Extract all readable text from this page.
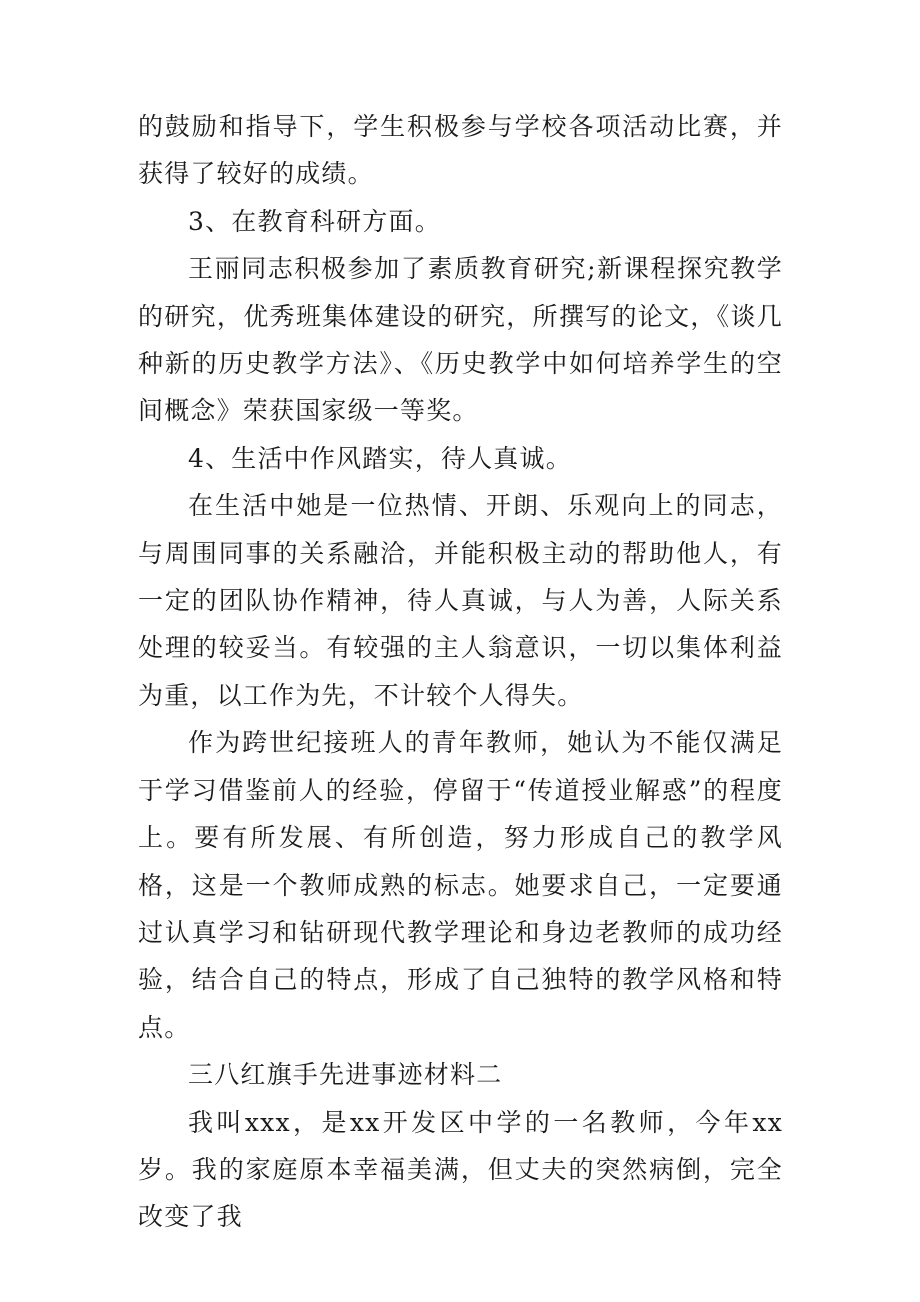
的鼓励和指导下，学生积极参与学校各项活动比赛，并获得了较好的成绩。

3、在教育科研方面。

王丽同志积极参加了素质教育研究;新课程探究教学的研究，优秀班集体建设的研究，所撰写的论文，《谈几种新的历史教学方法》、《历史教学中如何培养学生的空间概念》荣获国家级一等奖。

4、生活中作风踏实，待人真诚。

在生活中她是一位热情、开朗、乐观向上的同志，与周围同事的关系融洽，并能积极主动的帮助他人，有一定的团队协作精神，待人真诚，与人为善，人际关系处理的较妥当。有较强的主人翁意识，一切以集体利益为重，以工作为先，不计较个人得失。

作为跨世纪接班人的青年教师，她认为不能仅满足于学习借鉴前人的经验，停留于“传道授业解惑”的程度上。要有所发展、有所创造，努力形成自己的教学风格，这是一个教师成熟的标志。她要求自己，一定要通过认真学习和钻研现代教学理论和身边老教师的成功经验，结合自己的特点，形成了自己独特的教学风格和特点。

三八红旗手先进事迹材料二

我叫xxx，是xx开发区中学的一名教师，今年xx岁。我的家庭原本幸福美满，但丈夫的突然病倒，完全改变了我
